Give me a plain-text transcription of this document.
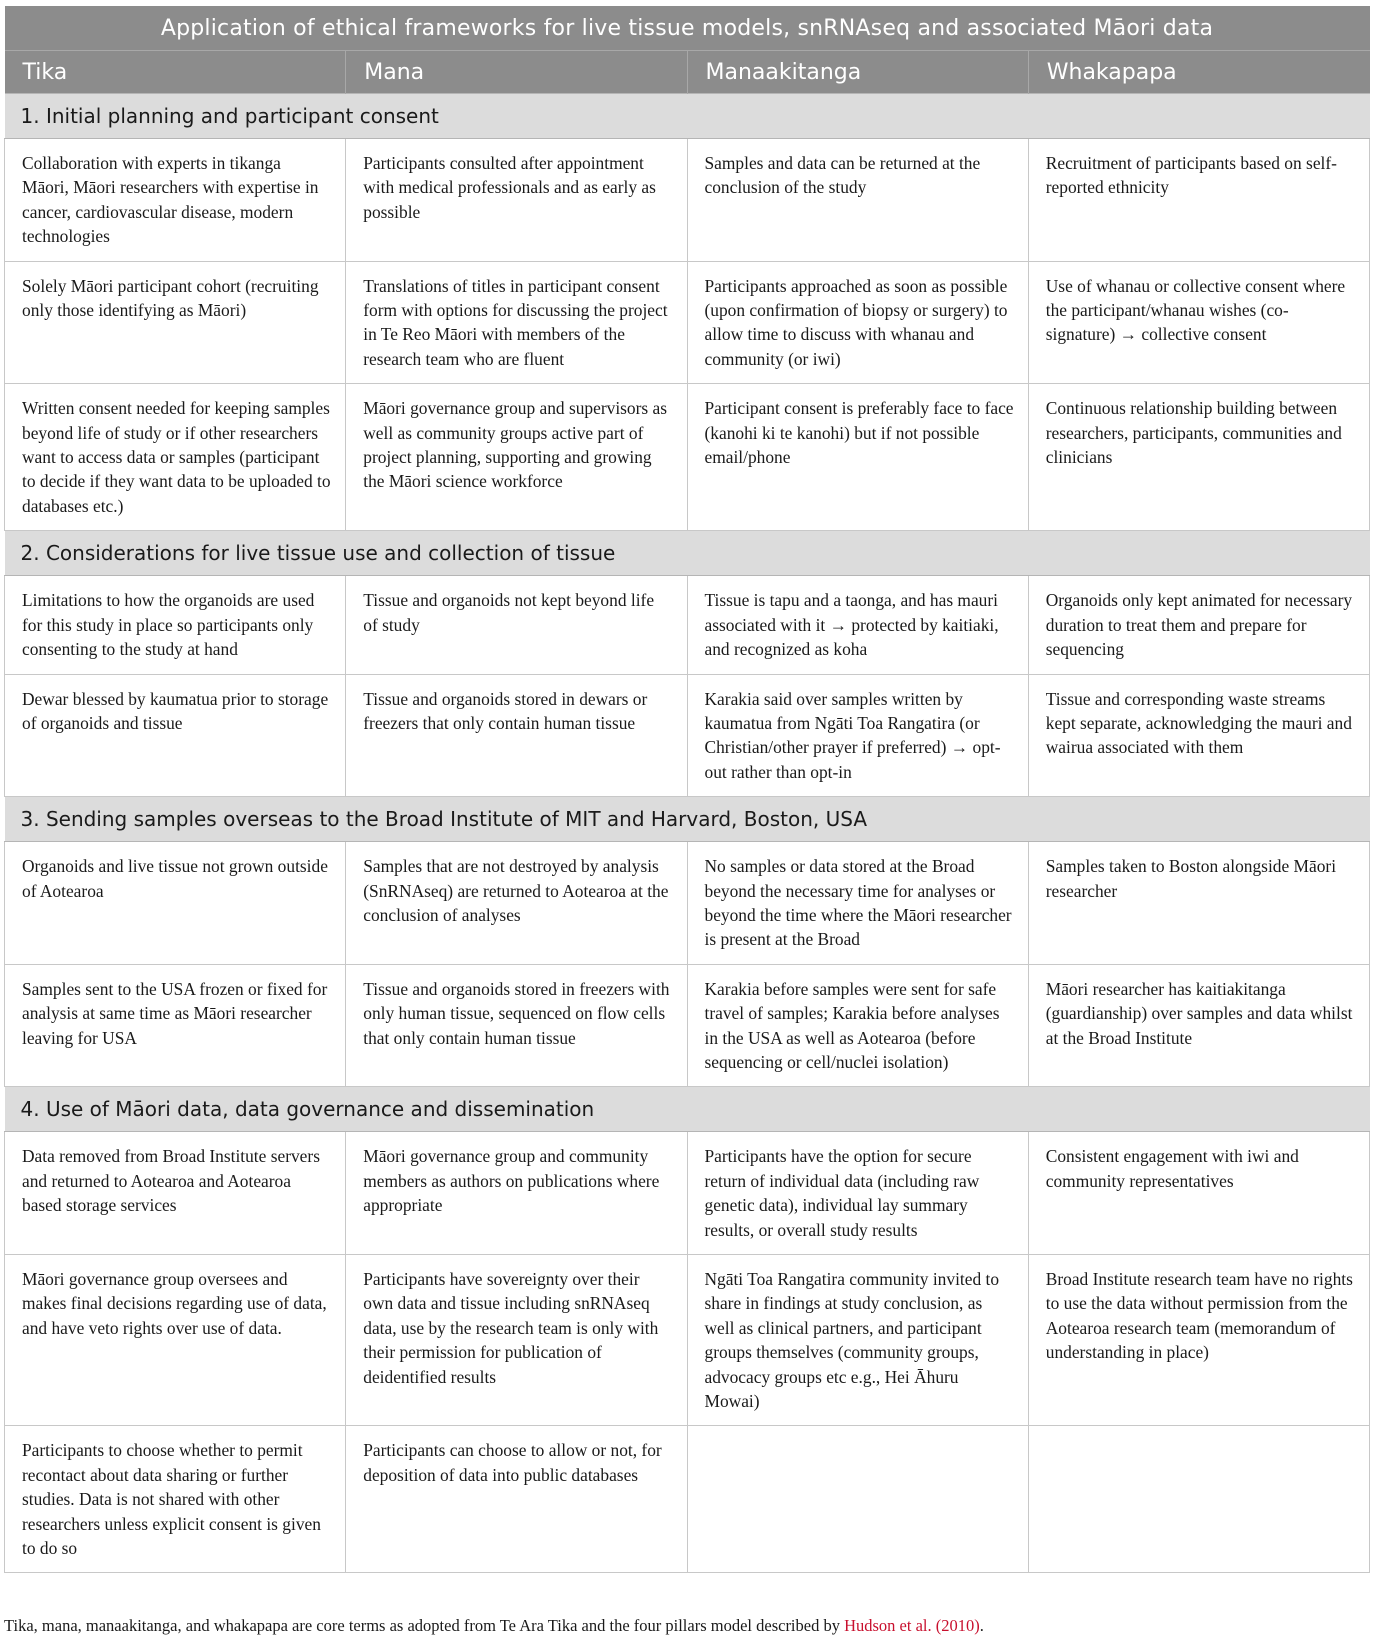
Application of ethical frameworks for live tissue models, snRNAseq and associated Māori data			
Tika	Mana	Manaakitanga	Whakapapa
1. Initial planning and participant consent			
Collaboration with experts in tikanga Māori, Māori researchers with expertise in cancer, cardiovascular disease, modern technologies	Participants consulted after appointment with medical professionals and as early as possible	Samples and data can be returned at the conclusion of the study	Recruitment of participants based on self-reported ethnicity
Solely Māori participant cohort (recruiting only those identifying as Māori)	Translations of titles in participant consent form with options for discussing the project in Te Reo Māori with members of the research team who are fluent	Participants approached as soon as possible (upon confirmation of biopsy or surgery) to allow time to discuss with whanau and community (or iwi)	Use of whanau or collective consent where the participant/whanau wishes (co-signature) → collective consent
Written consent needed for keeping samples beyond life of study or if other researchers want to access data or samples (participant to decide if they want data to be uploaded to databases etc.)	Māori governance group and supervisors as well as community groups active part of project planning, supporting and growing the Māori science workforce	Participant consent is preferably face to face (kanohi ki te kanohi) but if not possible email/phone	Continuous relationship building between researchers, participants, communities and clinicians
2. Considerations for live tissue use and collection of tissue			
Limitations to how the organoids are used for this study in place so participants only consenting to the study at hand	Tissue and organoids not kept beyond life of study	Tissue is tapu and a taonga, and has mauri associated with it → protected by kaitiaki, and recognized as koha	Organoids only kept animated for necessary duration to treat them and prepare for sequencing
Dewar blessed by kaumatua prior to storage of organoids and tissue	Tissue and organoids stored in dewars or freezers that only contain human tissue	Karakia said over samples written by kaumatua from Ngāti Toa Rangatira (or Christian/other prayer if preferred) → opt-out rather than opt-in	Tissue and corresponding waste streams kept separate, acknowledging the mauri and wairua associated with them
3. Sending samples overseas to the Broad Institute of MIT and Harvard, Boston, USA			
Organoids and live tissue not grown outside of Aotearoa	Samples that are not destroyed by analysis (SnRNAseq) are returned to Aotearoa at the conclusion of analyses	No samples or data stored at the Broad beyond the necessary time for analyses or beyond the time where the Māori researcher is present at the Broad	Samples taken to Boston alongside Māori researcher
Samples sent to the USA frozen or fixed for analysis at same time as Māori researcher leaving for USA	Tissue and organoids stored in freezers with only human tissue, sequenced on flow cells that only contain human tissue	Karakia before samples were sent for safe travel of samples; Karakia before analyses in the USA as well as Aotearoa (before sequencing or cell/nuclei isolation)	Māori researcher has kaitiakitanga (guardianship) over samples and data whilst at the Broad Institute
4. Use of Māori data, data governance and dissemination			
Data removed from Broad Institute servers and returned to Aotearoa and Aotearoa based storage services	Māori governance group and community members as authors on publications where appropriate	Participants have the option for secure return of individual data (including raw genetic data), individual lay summary results, or overall study results	Consistent engagement with iwi and community representatives
Māori governance group oversees and makes final decisions regarding use of data, and have veto rights over use of data.	Participants have sovereignty over their own data and tissue including snRNAseq data, use by the research team is only with their permission for publication of deidentified results	Ngāti Toa Rangatira community invited to share in findings at study conclusion, as well as clinical partners, and participant groups themselves (community groups, advocacy groups etc e.g., Hei Āhuru Mowai)	Broad Institute research team have no rights to use the data without permission from the Aotearoa research team (memorandum of understanding in place)
Participants to choose whether to permit recontact about data sharing or further studies. Data is not shared with other researchers unless explicit consent is given to do so	Participants can choose to allow or not, for deposition of data into public databases		
Tika, mana, manaakitanga, and whakapapa are core terms as adopted from Te Ara Tika and the four pillars model described by Hudson et al. (2010).
